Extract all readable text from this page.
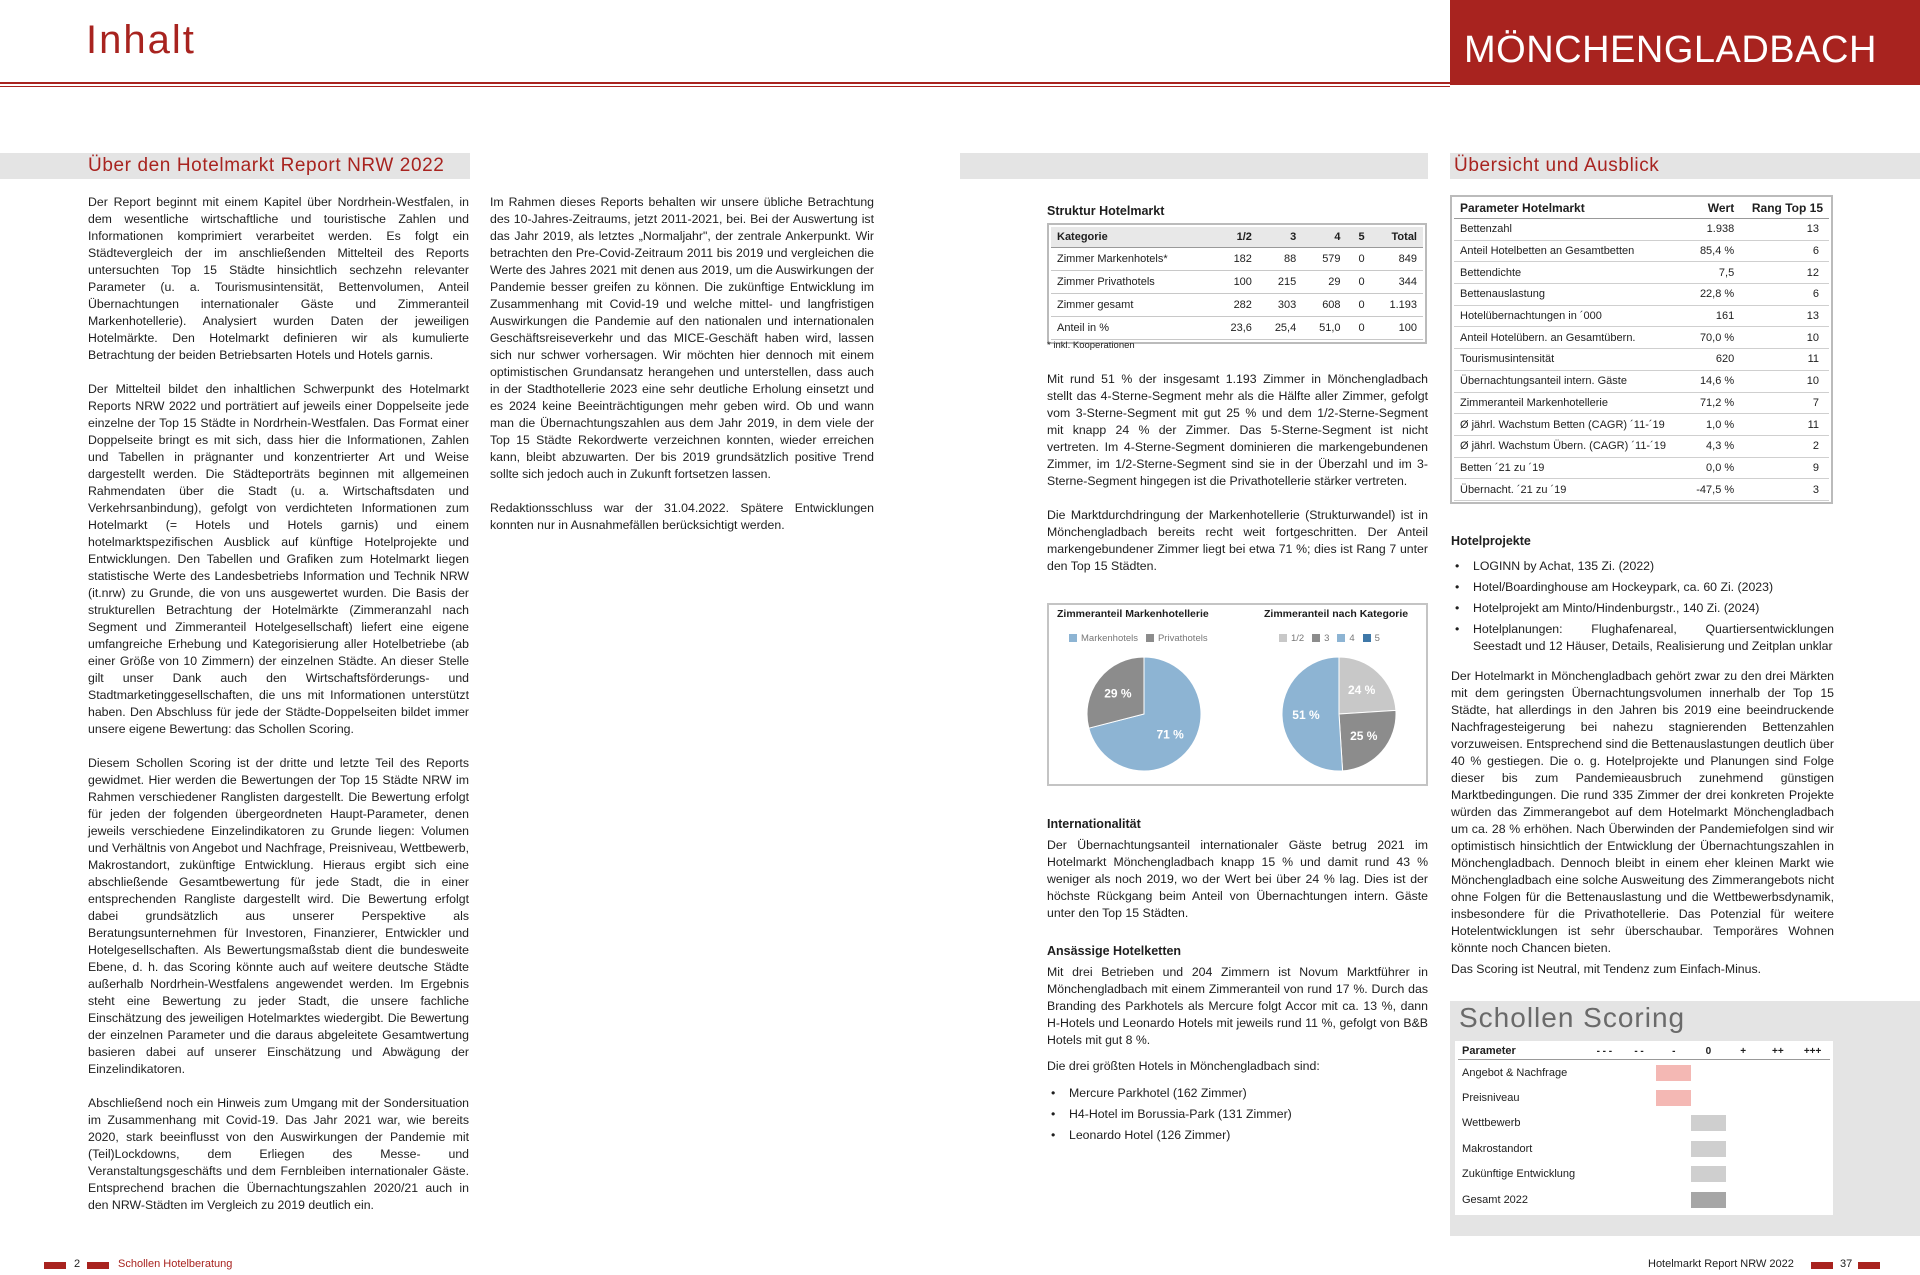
Inhalt	MÖNCHENGLADBACH
Über den Hotelmarkt Report NRW 2022

Der Report beginnt mit einem Kapitel über Nordrhein-Westfalen, in dem wesentliche wirtschaftliche und touristische Zahlen und Informationen komprimiert verarbeitet werden. Es folgt ein Städtevergleich der im anschließenden Mittelteil des Reports untersuchten Top 15 Städte hinsichtlich sechzehn relevanter Parameter (u. a. Tourismusintensität, Bettenvolumen, Anteil Übernachtungen internationaler Gäste und Zimmeranteil Markenhotellerie). Analysiert wurden Daten der jeweiligen Hotelmärkte. Den Hotelmarkt definieren wir als kumulierte Betrachtung der beiden Betriebsarten Hotels und Hotels garnis.

Der Mittelteil bildet den inhaltlichen Schwerpunkt des Hotelmarkt Reports NRW 2022 und porträtiert auf jeweils einer Doppelseite jede einzelne der Top 15 Städte in Nordrhein-Westfalen. Das Format einer Doppelseite bringt es mit sich, dass hier die Informationen, Zahlen und Tabellen in prägnanter und konzentrierter Art und Weise dargestellt werden. Die Städteporträts beginnen mit allgemeinen Rahmendaten über die Stadt (u. a. Wirtschaftsdaten und Verkehrsanbindung), gefolgt von verdichteten Informationen zum Hotelmarkt (= Hotels und Hotels garnis) und einem hotelmarktspezifischen Ausblick auf künftige Hotelprojekte und Entwicklungen. Den Tabellen und Grafiken zum Hotelmarkt liegen statistische Werte des Landesbetriebs Information und Technik NRW (it.nrw) zu Grunde, die von uns ausgewertet wurden. Die Basis der strukturellen Betrachtung der Hotelmärkte (Zimmeranzahl nach Segment und Zimmeranteil Hotelgesellschaft) liefert eine eigene umfangreiche Erhebung und Kategorisierung aller Hotelbetriebe (ab einer Größe von 10 Zimmern) der einzelnen Städte. An dieser Stelle gilt unser Dank auch den Wirtschaftsförderungs- und Stadtmarketinggesellschaften, die uns mit Informationen unterstützt haben. Den Abschluss für jede der Städte-Doppelseiten bildet immer unsere eigene Bewertung: das Schollen Scoring.

Diesem Schollen Scoring ist der dritte und letzte Teil des Reports gewidmet. Hier werden die Bewertungen der Top 15 Städte NRW im Rahmen verschiedener Ranglisten dargestellt. Die Bewertung erfolgt für jeden der folgenden übergeordneten Haupt-Parameter, denen jeweils verschiedene Einzelindikatoren zu Grunde liegen: Volumen und Verhältnis von Angebot und Nachfrage, Preisniveau, Wettbewerb, Makrostandort, zukünftige Entwicklung. Hieraus ergibt sich eine abschließende Gesamtbewertung für jede Stadt, die in einer entsprechenden Rangliste dargestellt wird. Die Bewertung erfolgt dabei grundsätzlich aus unserer Perspektive als Beratungsunternehmen für Investoren, Finanzierer, Entwickler und Hotelgesellschaften. Als Bewertungsmaßstab dient die bundesweite Ebene, d. h. das Scoring könnte auch auf weitere deutsche Städte außerhalb Nordrhein-Westfalens angewendet werden. Im Ergebnis steht eine Bewertung zu jeder Stadt, die unsere fachliche Einschätzung des jeweiligen Hotelmarktes wiedergibt. Die Bewertung der einzelnen Parameter und die daraus abgeleitete Gesamtwertung basieren dabei auf unserer Einschätzung und Abwägung der Einzelindikatoren.

Abschließend noch ein Hinweis zum Umgang mit der Sondersituation im Zusammenhang mit Covid-19. Das Jahr 2021 war, wie bereits 2020, stark beeinflusst von den Auswirkungen der Pandemie mit (Teil)Lockdowns, dem Erliegen des Messe- und Veranstaltungsgeschäfts und dem Fernbleiben internationaler Gäste. Entsprechend brachen die Übernachtungszahlen 2020/21 auch in den NRW-Städten im Vergleich zu 2019 deutlich ein.

Im Rahmen dieses Reports behalten wir unsere übliche Betrachtung des 10-Jahres-Zeitraums, jetzt 2011-2021, bei. Bei der Auswertung ist das Jahr 2019, als letztes „Normaljahr", der zentrale Ankerpunkt. Wir betrachten den Pre-Covid-Zeitraum 2011 bis 2019 und vergleichen die Werte des Jahres 2021 mit denen aus 2019, um die Auswirkungen der Pandemie besser greifen zu können. Die zukünftige Entwicklung im Zusammenhang mit Covid-19 und welche mittel- und langfristigen Auswirkungen die Pandemie auf den nationalen und internationalen Geschäftsreiseverkehr und das MICE-Geschäft haben wird, lassen sich nur schwer vorhersagen. Wir möchten hier dennoch mit einem optimistischen Grundansatz herangehen und unterstellen, dass auch in der Stadthotellerie 2023 eine sehr deutliche Erholung einsetzt und es 2024 keine Beeinträchtigungen mehr geben wird. Ob und wann man die Übernachtungszahlen aus dem Jahr 2019, in dem viele der Top 15 Städte Rekordwerte verzeichnen konnten, wieder erreichen kann, bleibt abzuwarten. Der bis 2019 grundsätzlich positive Trend sollte sich jedoch auch in Zukunft fortsetzen lassen.

Redaktionsschluss war der 31.04.2022. Spätere Entwicklungen konnten nur in Ausnahmefällen berücksichtigt werden.

Übersicht und Ausblick
Struktur Hotelmarkt
Kategorie	1/2	3	4	5	Total
Zimmer Markenhotels*	182	88	579	0	849
Zimmer Privathotels	100	215	29	0	344
Zimmer gesamt	282	303	608	0	1.193
Anteil in %	23,6	25,4	51,0	0	100
* inkl. Kooperationen

Mit rund 51 % der insgesamt 1.193 Zimmer in Mönchengladbach stellt das 4-Sterne-Segment mehr als die Hälfte aller Zimmer, gefolgt vom 3-Sterne-Segment mit gut 25 % und dem 1/2-Sterne-Segment mit knapp 24 % der Zimmer. Das 5-Sterne-Segment ist nicht vertreten. Im 4-Sterne-Segment dominieren die markengebundenen Zimmer, im 1/2-Sterne-Segment sind sie in der Überzahl und im 3-Sterne-Segment hingegen ist die Privathotellerie stärker vertreten.

Die Marktdurchdringung der Markenhotellerie (Strukturwandel) ist in Mönchengladbach bereits recht weit fortgeschritten. Der Anteil markengebundener Zimmer liegt bei etwa 71 %; dies ist Rang 7 unter den Top 15 Städten.

Zimmeranteil Markenhotellerie	Zimmeranteil nach Kategorie
Markenhotels Privathotels	1/2 3 4 5
71 %
29 %	24 %
25 %
51 %
Internationalität
Der Übernachtungsanteil internationaler Gäste betrug 2021 im Hotelmarkt Mönchengladbach knapp 15 % und damit rund 43 % weniger als noch 2019, wo der Wert bei über 24 % lag. Dies ist der höchste Rückgang beim Anteil von Übernachtungen intern. Gäste unter den Top 15 Städten.
Ansässige Hotelketten
Mit drei Betrieben und 204 Zimmern ist Novum Marktführer in Mönchengladbach mit einem Zimmeranteil von rund 17 %. Durch das Branding des Parkhotels als Mercure folgt Accor mit ca. 13 %, dann H-Hotels und Leonardo Hotels mit jeweils rund 11 %, gefolgt von B&B Hotels mit gut 8 %.
Die drei größten Hotels in Mönchengladbach sind:
• Mercure Parkhotel (162 Zimmer)
• H4-Hotel im Borussia-Park (131 Zimmer)
• Leonardo Hotel (126 Zimmer)
Parameter Hotelmarkt	Wert	Rang Top 15
Bettenzahl	1.938	13
Anteil Hotelbetten an Gesamtbetten	85,4 %	6
Bettendichte	7,5	12
Bettenauslastung	22,8 %	6
Hotelübernachtungen in ´000	161	13
Anteil Hotelübern. an Gesamtübern.	70,0 %	10
Tourismusintensität	620	11
Übernachtungsanteil intern. Gäste	14,6 %	10
Zimmeranteil Markenhotellerie	71,2 %	7
Ø jährl. Wachstum Betten (CAGR) ´11-´19	1,0 %	11
Ø jährl. Wachstum Übern. (CAGR) ´11-´19	4,3 %	2
Betten ´21 zu ´19	0,0 %	9
Übernacht. ´21 zu ´19	-47,5 %	3
Hotelprojekte
• LOGINN by Achat, 135 Zi. (2022)
• Hotel/Boardinghouse am Hockeypark, ca. 60 Zi. (2023)
• Hotelprojekt am Minto/Hindenburgstr., 140 Zi. (2024)
• Hotelplanungen: Flughafenareal, Quartiersentwicklungen Seestadt und 12 Häuser, Details, Realisierung und Zeitplan unklar

Der Hotelmarkt in Mönchengladbach gehört zwar zu den drei Märkten mit dem geringsten Übernachtungsvolumen innerhalb der Top 15 Städte, hat allerdings in den Jahren bis 2019 eine beeindruckende Nachfragesteigerung bei nahezu stagnierenden Bettenzahlen vorzuweisen. Entsprechend sind die Bettenauslastungen deutlich über 40 % gestiegen. Die o. g. Hotelprojekte und Planungen sind Folge dieser bis zum Pandemieausbruch zunehmend günstigen Marktbedingungen. Die rund 335 Zimmer der drei konkreten Projekte würden das Zimmerangebot auf dem Hotelmarkt Mönchengladbach um ca. 28 % erhöhen. Nach Überwinden der Pandemiefolgen sind wir optimistisch hinsichtlich der Entwicklung der Übernachtungszahlen in Mönchengladbach. Dennoch bleibt in einem eher kleinen Markt wie Mönchengladbach eine solche Ausweitung des Zimmerangebots nicht ohne Folgen für die Bettenauslastung und die Wettbewerbsdynamik, insbesondere für die Privathotellerie. Das Potenzial für weitere Hotelentwicklungen ist sehr überschaubar. Temporäres Wohnen könnte noch Chancen bieten.

Das Scoring ist Neutral, mit Tendenz zum Einfach-Minus.

Schollen Scoring
Parameter	- - -	- -	-	0	+	++	+++
Angebot & Nachfrage			

Preisniveau			

Wettbewerb				

Makrostandort				

Zukünftige Entwicklung				

Gesamt 2022				

2	Schollen Hotelberatung	Hotelmarkt Report NRW 2022	37
